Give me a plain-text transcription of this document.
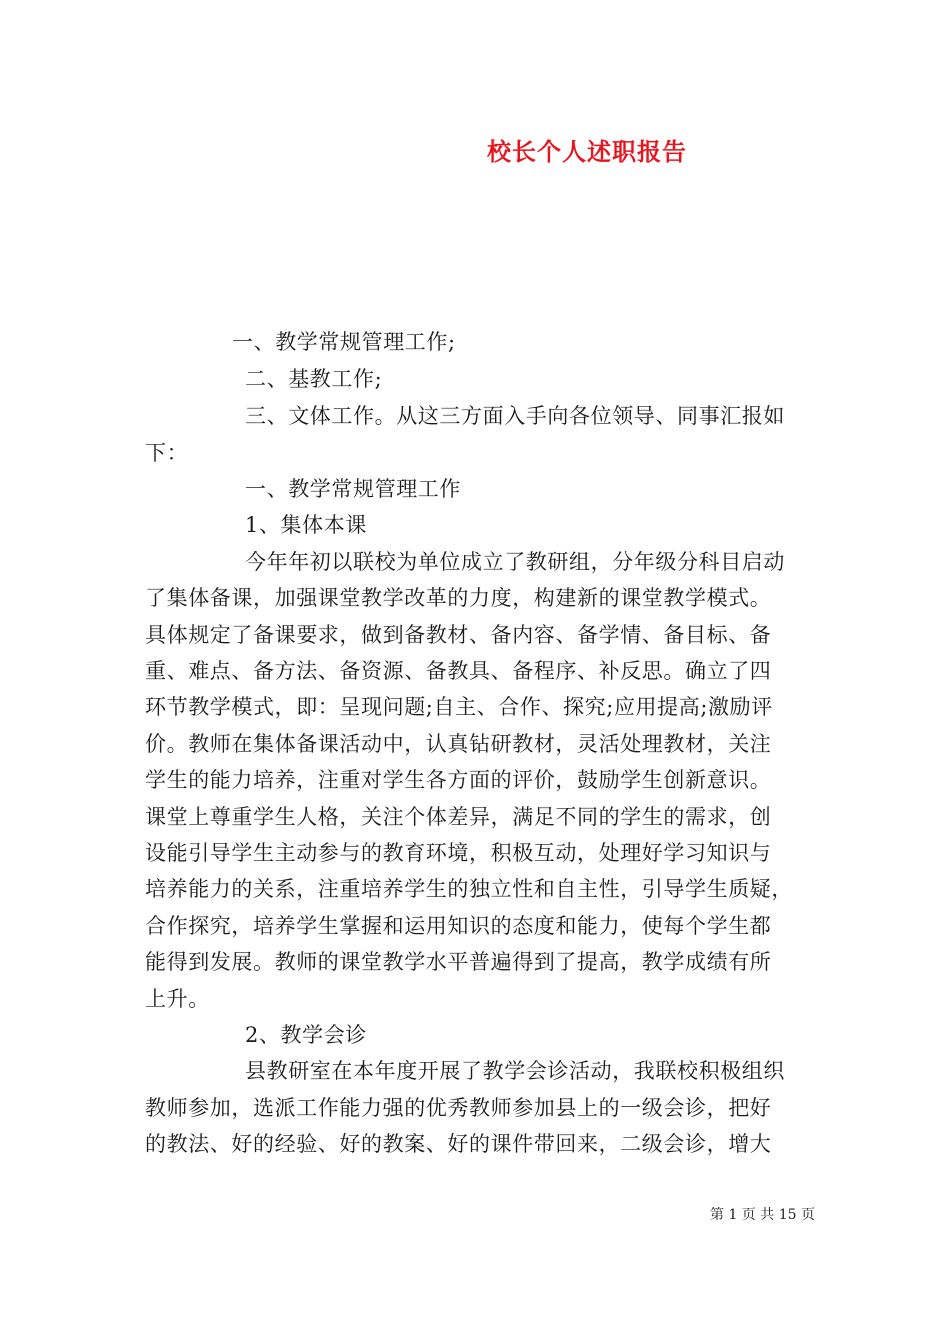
校长个人述职报告
一、教学常规管理工作;
二、基教工作;
三、文体工作。从这三方面入手向各位领导、同事汇报如
下：
一、教学常规管理工作
1、集体本课
今年年初以联校为单位成立了教研组，分年级分科目启动
了集体备课，加强课堂教学改革的力度，构建新的课堂教学模式。
具体规定了备课要求，做到备教材、备内容、备学情、备目标、备
重、难点、备方法、备资源、备教具、备程序、补反思。确立了四
环节教学模式，即：呈现问题;自主、合作、探究;应用提高;激励评
价。教师在集体备课活动中，认真钻研教材，灵活处理教材，关注
学生的能力培养，注重对学生各方面的评价，鼓励学生创新意识。
课堂上尊重学生人格，关注个体差异，满足不同的学生的需求，创
设能引导学生主动参与的教育环境，积极互动，处理好学习知识与
培养能力的关系，注重培养学生的独立性和自主性，引导学生质疑，
合作探究，培养学生掌握和运用知识的态度和能力，使每个学生都
能得到发展。教师的课堂教学水平普遍得到了提高，教学成绩有所
上升。
2、教学会诊
县教研室在本年度开展了教学会诊活动，我联校积极组织
教师参加，选派工作能力强的优秀教师参加县上的一级会诊，把好
的教法、好的经验、好的教案、好的课件带回来，二级会诊，增大
第 1 页 共 15 页
